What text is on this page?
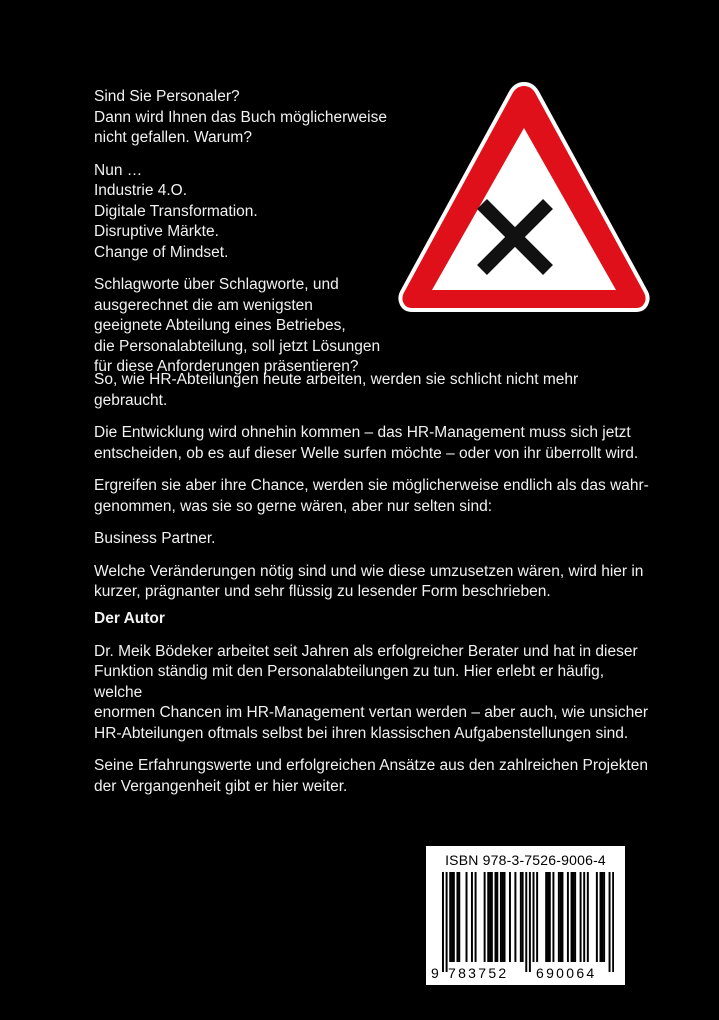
Sind Sie Personaler?
Dann wird Ihnen das Buch möglicherweise
nicht gefallen. Warum?

Nun …
Industrie 4.O.
Digitale Transformation.
Disruptive Märkte.
Change of Mindset.

Schlagworte über Schlagworte, und
ausgerechnet die am wenigsten
geeignete Abteilung eines Betriebes,
die Personalabteilung, soll jetzt Lösungen
für diese Anforderungen präsentieren?

So, wie HR-Abteilungen heute arbeiten, werden sie schlicht nicht mehr gebraucht.

Die Entwicklung wird ohnehin kommen – das HR-Management muss sich jetzt
entscheiden, ob es auf dieser Welle surfen möchte – oder von ihr überrollt wird.

Ergreifen sie aber ihre Chance, werden sie möglicherweise endlich als das wahr-
genommen, was sie so gerne wären, aber nur selten sind:

Business Partner.

Welche Veränderungen nötig sind und wie diese umzusetzen wären, wird hier in
kurzer, prägnanter und sehr flüssig zu lesender Form beschrieben.

Der Autor

Dr. Meik Bödeker arbeitet seit Jahren als erfolgreicher Berater und hat in dieser
Funktion ständig mit den Personalabteilungen zu tun. Hier erlebt er häufig, welche
enormen Chancen im HR-Management vertan werden – aber auch, wie unsicher
HR-Abteilungen oftmals selbst bei ihren klassischen Aufgabenstellungen sind.

Seine Erfahrungswerte und erfolgreichen Ansätze aus den zahlreichen Projekten
der Vergangenheit gibt er hier weiter.

ISBN 978-3-7526-9006-4
9 783752 690064
